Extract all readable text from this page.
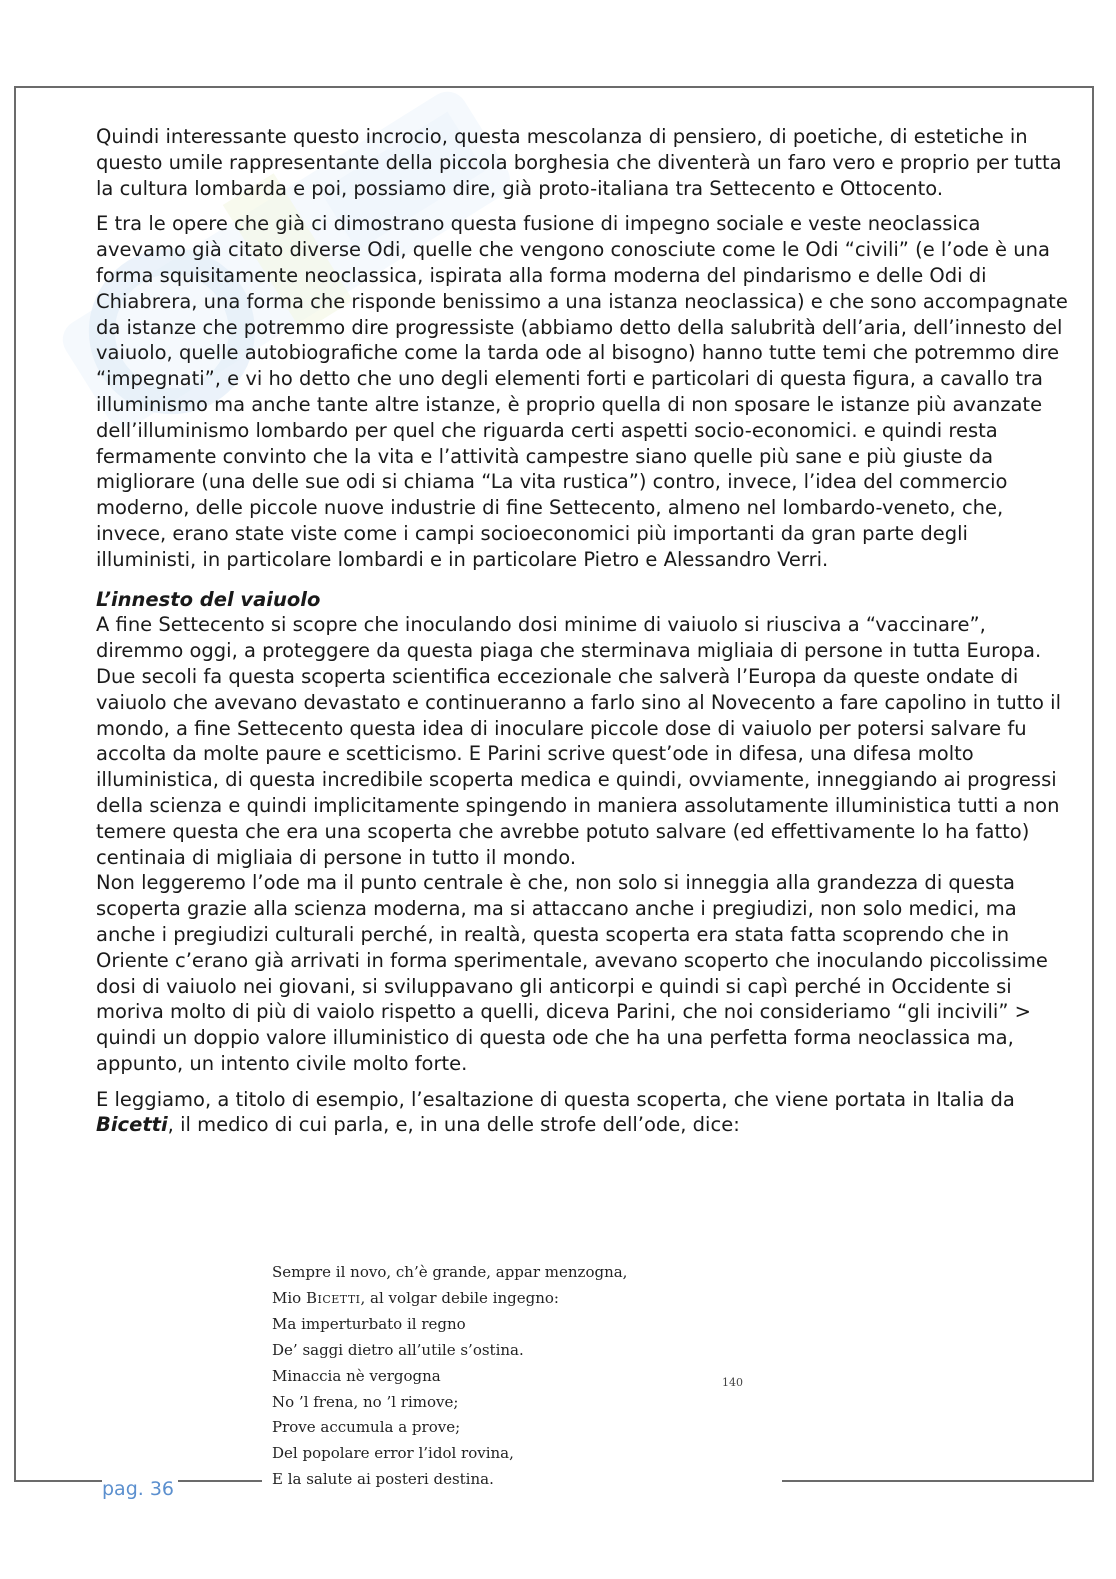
Quindi interessante questo incrocio, questa mescolanza di pensiero, di poetiche, di estetiche in questo umile rappresentante della piccola borghesia che diventerà un faro vero e proprio per tutta la cultura lombarda e poi, possiamo dire, già proto-italiana tra Settecento e Ottocento.

E tra le opere che già ci dimostrano questa fusione di impegno sociale e veste neoclassica avevamo già citato diverse Odi, quelle che vengono conosciute come le Odi “civili” (e l’ode è una forma squisitamente neoclassica, ispirata alla forma moderna del pindarismo e delle Odi di Chiabrera, una forma che risponde benissimo a una istanza neoclassica) e che sono accompagnate da istanze che potremmo dire progressiste (abbiamo detto della salubrità dell’aria, dell’innesto del vaiuolo, quelle autobiografiche come la tarda ode al bisogno) hanno tutte temi che potremmo dire “impegnati”, e vi ho detto che uno degli elementi forti e particolari di questa figura, a cavallo tra illuminismo ma anche tante altre istanze, è proprio quella di non sposare le istanze più avanzate dell’illuminismo lombardo per quel che riguarda certi aspetti socio-economici. e quindi resta fermamente convinto che la vita e l’attività campestre siano quelle più sane e più giuste da migliorare (una delle sue odi si chiama “La vita rustica”) contro, invece, l’idea del commercio moderno, delle piccole nuove industrie di fine Settecento, almeno nel lombardo-veneto, che, invece, erano state viste come i campi socioeconomici più importanti da gran parte degli illuministi, in particolare lombardi e in particolare Pietro e Alessandro Verri.

L’innesto del vaiuolo

A fine Settecento si scopre che inoculando dosi minime di vaiuolo si riusciva a “vaccinare”, diremmo oggi, a proteggere da questa piaga che sterminava migliaia di persone in tutta Europa.

Due secoli fa questa scoperta scientifica eccezionale che salverà l’Europa da queste ondate di vaiuolo che avevano devastato e continueranno a farlo sino al Novecento a fare capolino in tutto il mondo, a fine Settecento questa idea di inoculare piccole dose di vaiuolo per potersi salvare fu accolta da molte paure e scetticismo. E Parini scrive quest’ode in difesa, una difesa molto illuministica, di questa incredibile scoperta medica e quindi, ovviamente, inneggiando ai progressi della scienza e quindi implicitamente spingendo in maniera assolutamente illuministica tutti a non temere questa che era una scoperta che avrebbe potuto salvare (ed effettivamente lo ha fatto) centinaia di migliaia di persone in tutto il mondo.

Non leggeremo l’ode ma il punto centrale è che, non solo si inneggia alla grandezza di questa scoperta grazie alla scienza moderna, ma si attaccano anche i pregiudizi, non solo medici, ma anche i pregiudizi culturali perché, in realtà, questa scoperta era stata fatta scoprendo che in Oriente c’erano già arrivati in forma sperimentale, avevano scoperto che inoculando piccolissime dosi di vaiuolo nei giovani, si sviluppavano gli anticorpi e quindi si capì perché in Occidente si moriva molto di più di vaiolo rispetto a quelli, diceva Parini, che noi consideriamo “gli incivili” > quindi un doppio valore illuministico di questa ode che ha una perfetta forma neoclassica ma, appunto, un intento civile molto forte.

E leggiamo, a titolo di esempio, l’esaltazione di questa scoperta, che viene portata in Italia da Bicetti, il medico di cui parla, e, in una delle strofe dell’ode, dice:

Sempre il novo, ch’è grande, appar menzogna,
Mio Bicetti, al volgar debile ingegno:
Ma imperturbato il regno
De’ saggi dietro all’utile s’ostina.
Minaccia nè vergogna
No ’l frena, no ’l rimove;
Prove accumula a prove;
Del popolare error l’idol rovina,
E la salute ai posteri destina.
140
pag. 36
